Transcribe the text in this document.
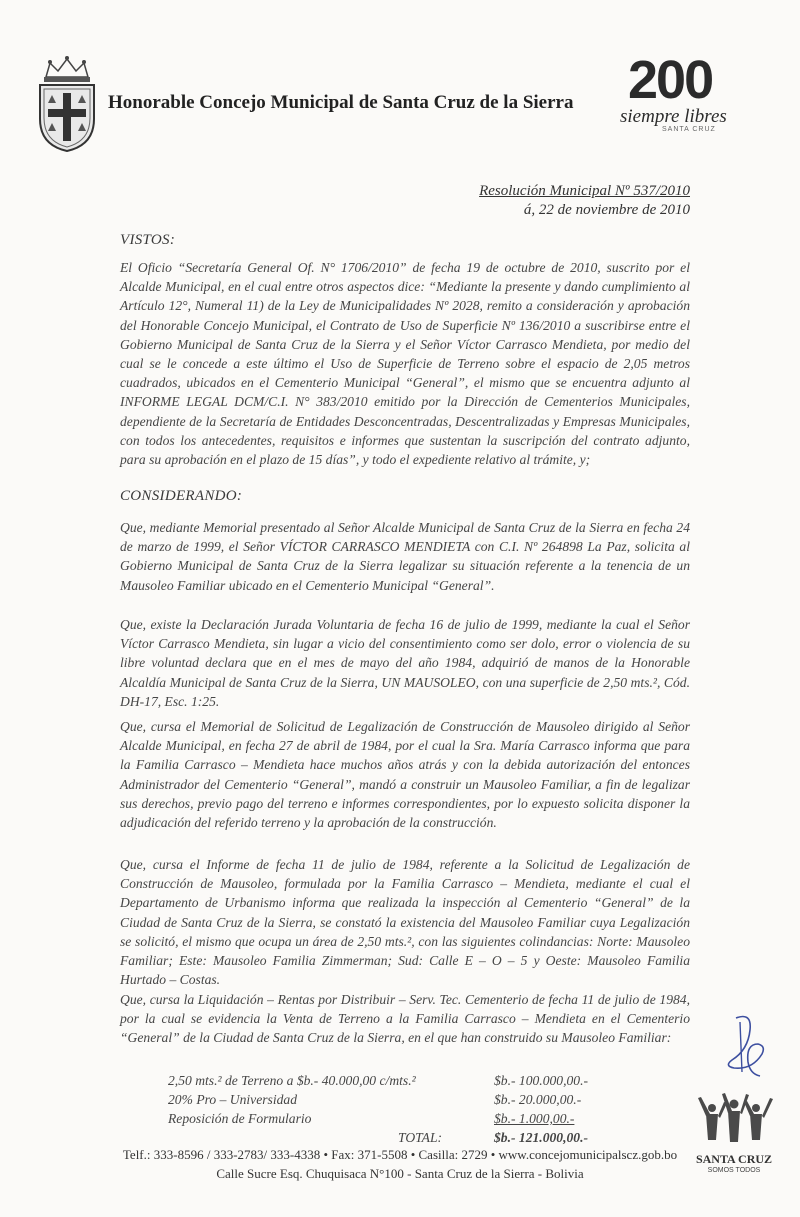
Honorable Concejo Municipal de Santa Cruz de la Sierra 200
siempre libres
SANTA CRUZ
Resolución Municipal Nº 537/2010
á, 22 de noviembre de 2010
VISTOS:

El Oficio “Secretaría General Of. N° 1706/2010” de fecha 19 de octubre de 2010, suscrito por el Alcalde Municipal, en el cual entre otros aspectos dice: “Mediante la presente y dando cumplimiento al Artículo 12°, Numeral 11) de la Ley de Municipalidades Nº 2028, remito a consideración y aprobación del Honorable Concejo Municipal, el Contrato de Uso de Superficie Nº 136/2010 a suscribirse entre el Gobierno Municipal de Santa Cruz de la Sierra y el Señor Víctor Carrasco Mendieta, por medio del cual se le concede a este último el Uso de Superficie de Terreno sobre el espacio de 2,05 metros cuadrados, ubicados en el Cementerio Municipal “General”, el mismo que se encuentra adjunto al INFORME LEGAL DCM/C.I. N° 383/2010 emitido por la Dirección de Cementerios Municipales, dependiente de la Secretaría de Entidades Desconcentradas, Descentralizadas y Empresas Municipales, con todos los antecedentes, requisitos e informes que sustentan la suscripción del contrato adjunto, para su aprobación en el plazo de 15 días”, y todo el expediente relativo al trámite, y;

CONSIDERANDO:

Que, mediante Memorial presentado al Señor Alcalde Municipal de Santa Cruz de la Sierra en fecha 24 de marzo de 1999, el Señor VÍCTOR CARRASCO MENDIETA con C.I. Nº 264898 La Paz, solicita al Gobierno Municipal de Santa Cruz de la Sierra legalizar su situación referente a la tenencia de un Mausoleo Familiar ubicado en el Cementerio Municipal “General”.

Que, existe la Declaración Jurada Voluntaria de fecha 16 de julio de 1999, mediante la cual el Señor Víctor Carrasco Mendieta, sin lugar a vicio del consentimiento como ser dolo, error o violencia de su libre voluntad declara que en el mes de mayo del año 1984, adquirió de manos de la Honorable Alcaldía Municipal de Santa Cruz de la Sierra, UN MAUSOLEO, con una superficie de 2,50 mts.², Cód. DH-17, Esc. 1:25.

Que, cursa el Memorial de Solicitud de Legalización de Construcción de Mausoleo dirigido al Señor Alcalde Municipal, en fecha 27 de abril de 1984, por el cual la Sra. María Carrasco informa que para la Familia Carrasco – Mendieta hace muchos años atrás y con la debida autorización del entonces Administrador del Cementerio “General”, mandó a construir un Mausoleo Familiar, a fin de legalizar sus derechos, previo pago del terreno e informes correspondientes, por lo expuesto solicita disponer la adjudicación del referido terreno y la aprobación de la construcción.

Que, cursa el Informe de fecha 11 de julio de 1984, referente a la Solicitud de Legalización de Construcción de Mausoleo, formulada por la Familia Carrasco – Mendieta, mediante el cual el Departamento de Urbanismo informa que realizada la inspección al Cementerio “General” de la Ciudad de Santa Cruz de la Sierra, se constató la existencia del Mausoleo Familiar cuya Legalización se solicitó, el mismo que ocupa un área de 2,50 mts.², con las siguientes colindancias: Norte: Mausoleo Familiar; Este: Mausoleo Familia Zimmerman; Sud: Calle E – O – 5 y Oeste: Mausoleo Familia Hurtado – Costas.

Que, cursa la Liquidación – Rentas por Distribuir – Serv. Tec. Cementerio de fecha 11 de julio de 1984, por la cual se evidencia la Venta de Terreno a la Familia Carrasco – Mendieta en el Cementerio “General” de la Ciudad de Santa Cruz de la Sierra, en el que han construido su Mausoleo Familiar:

2,50 mts.² de Terreno a $b.- 40.000,00 c/mts.²	$b.- 100.000,00.-
20% Pro – Universidad	$b.- 20.000,00.-
Reposición de Formulario	$b.- 1.000,00.-
TOTAL:	$b.- 121.000,00.-
SANTA CRUZ
SOMOS TODOS
Telf.: 333-8596 / 333-2783/ 333-4338 • Fax: 371-5508 • Casilla: 2729 • www.concejomunicipalscz.gob.bo
Calle Sucre Esq. Chuquisaca N°100 - Santa Cruz de la Sierra - Bolivia
